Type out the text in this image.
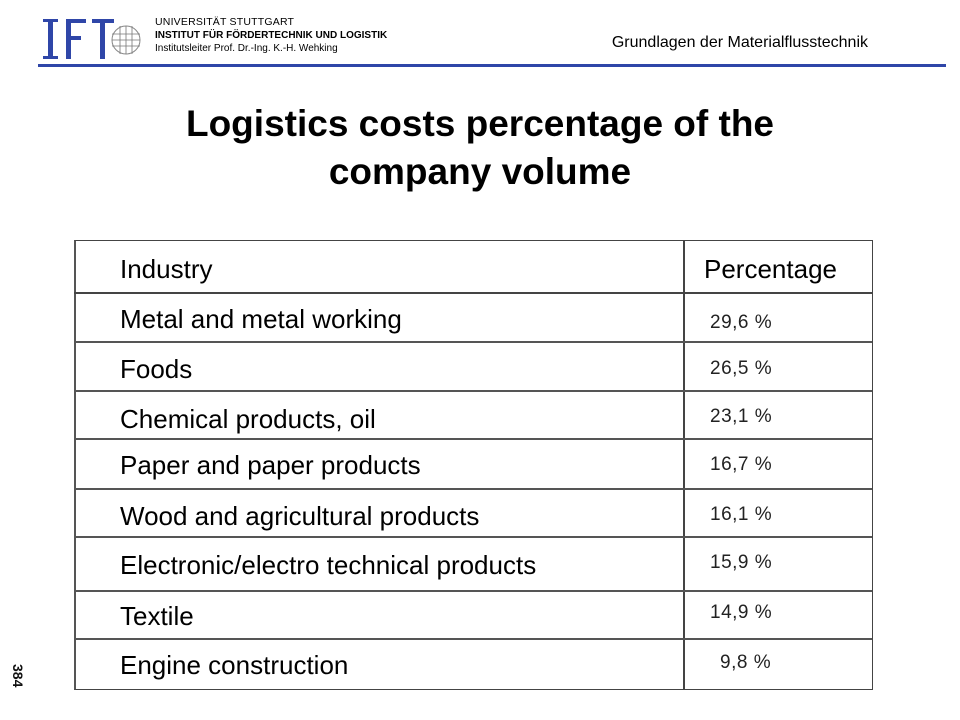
UNIVERSITÄT STUTTGART
INSTITUT FÜR FÖRDERTECHNIK UND LOGISTIK
Institutsleiter Prof. Dr.-Ing. K.-H. Wehking	Grundlagen der Materialflusstechnik
Logistics costs percentage of the
company volume
Industry	Percentage
Metal and metal working	29,6 %
Foods	26,5 %
Chemical products, oil	23,1 %
Paper and paper products	16,7 %
Wood and agricultural products	16,1 %
Electronic/electro technical products	15,9 %
Textile	14,9 %
Engine construction	9,8 %
384
